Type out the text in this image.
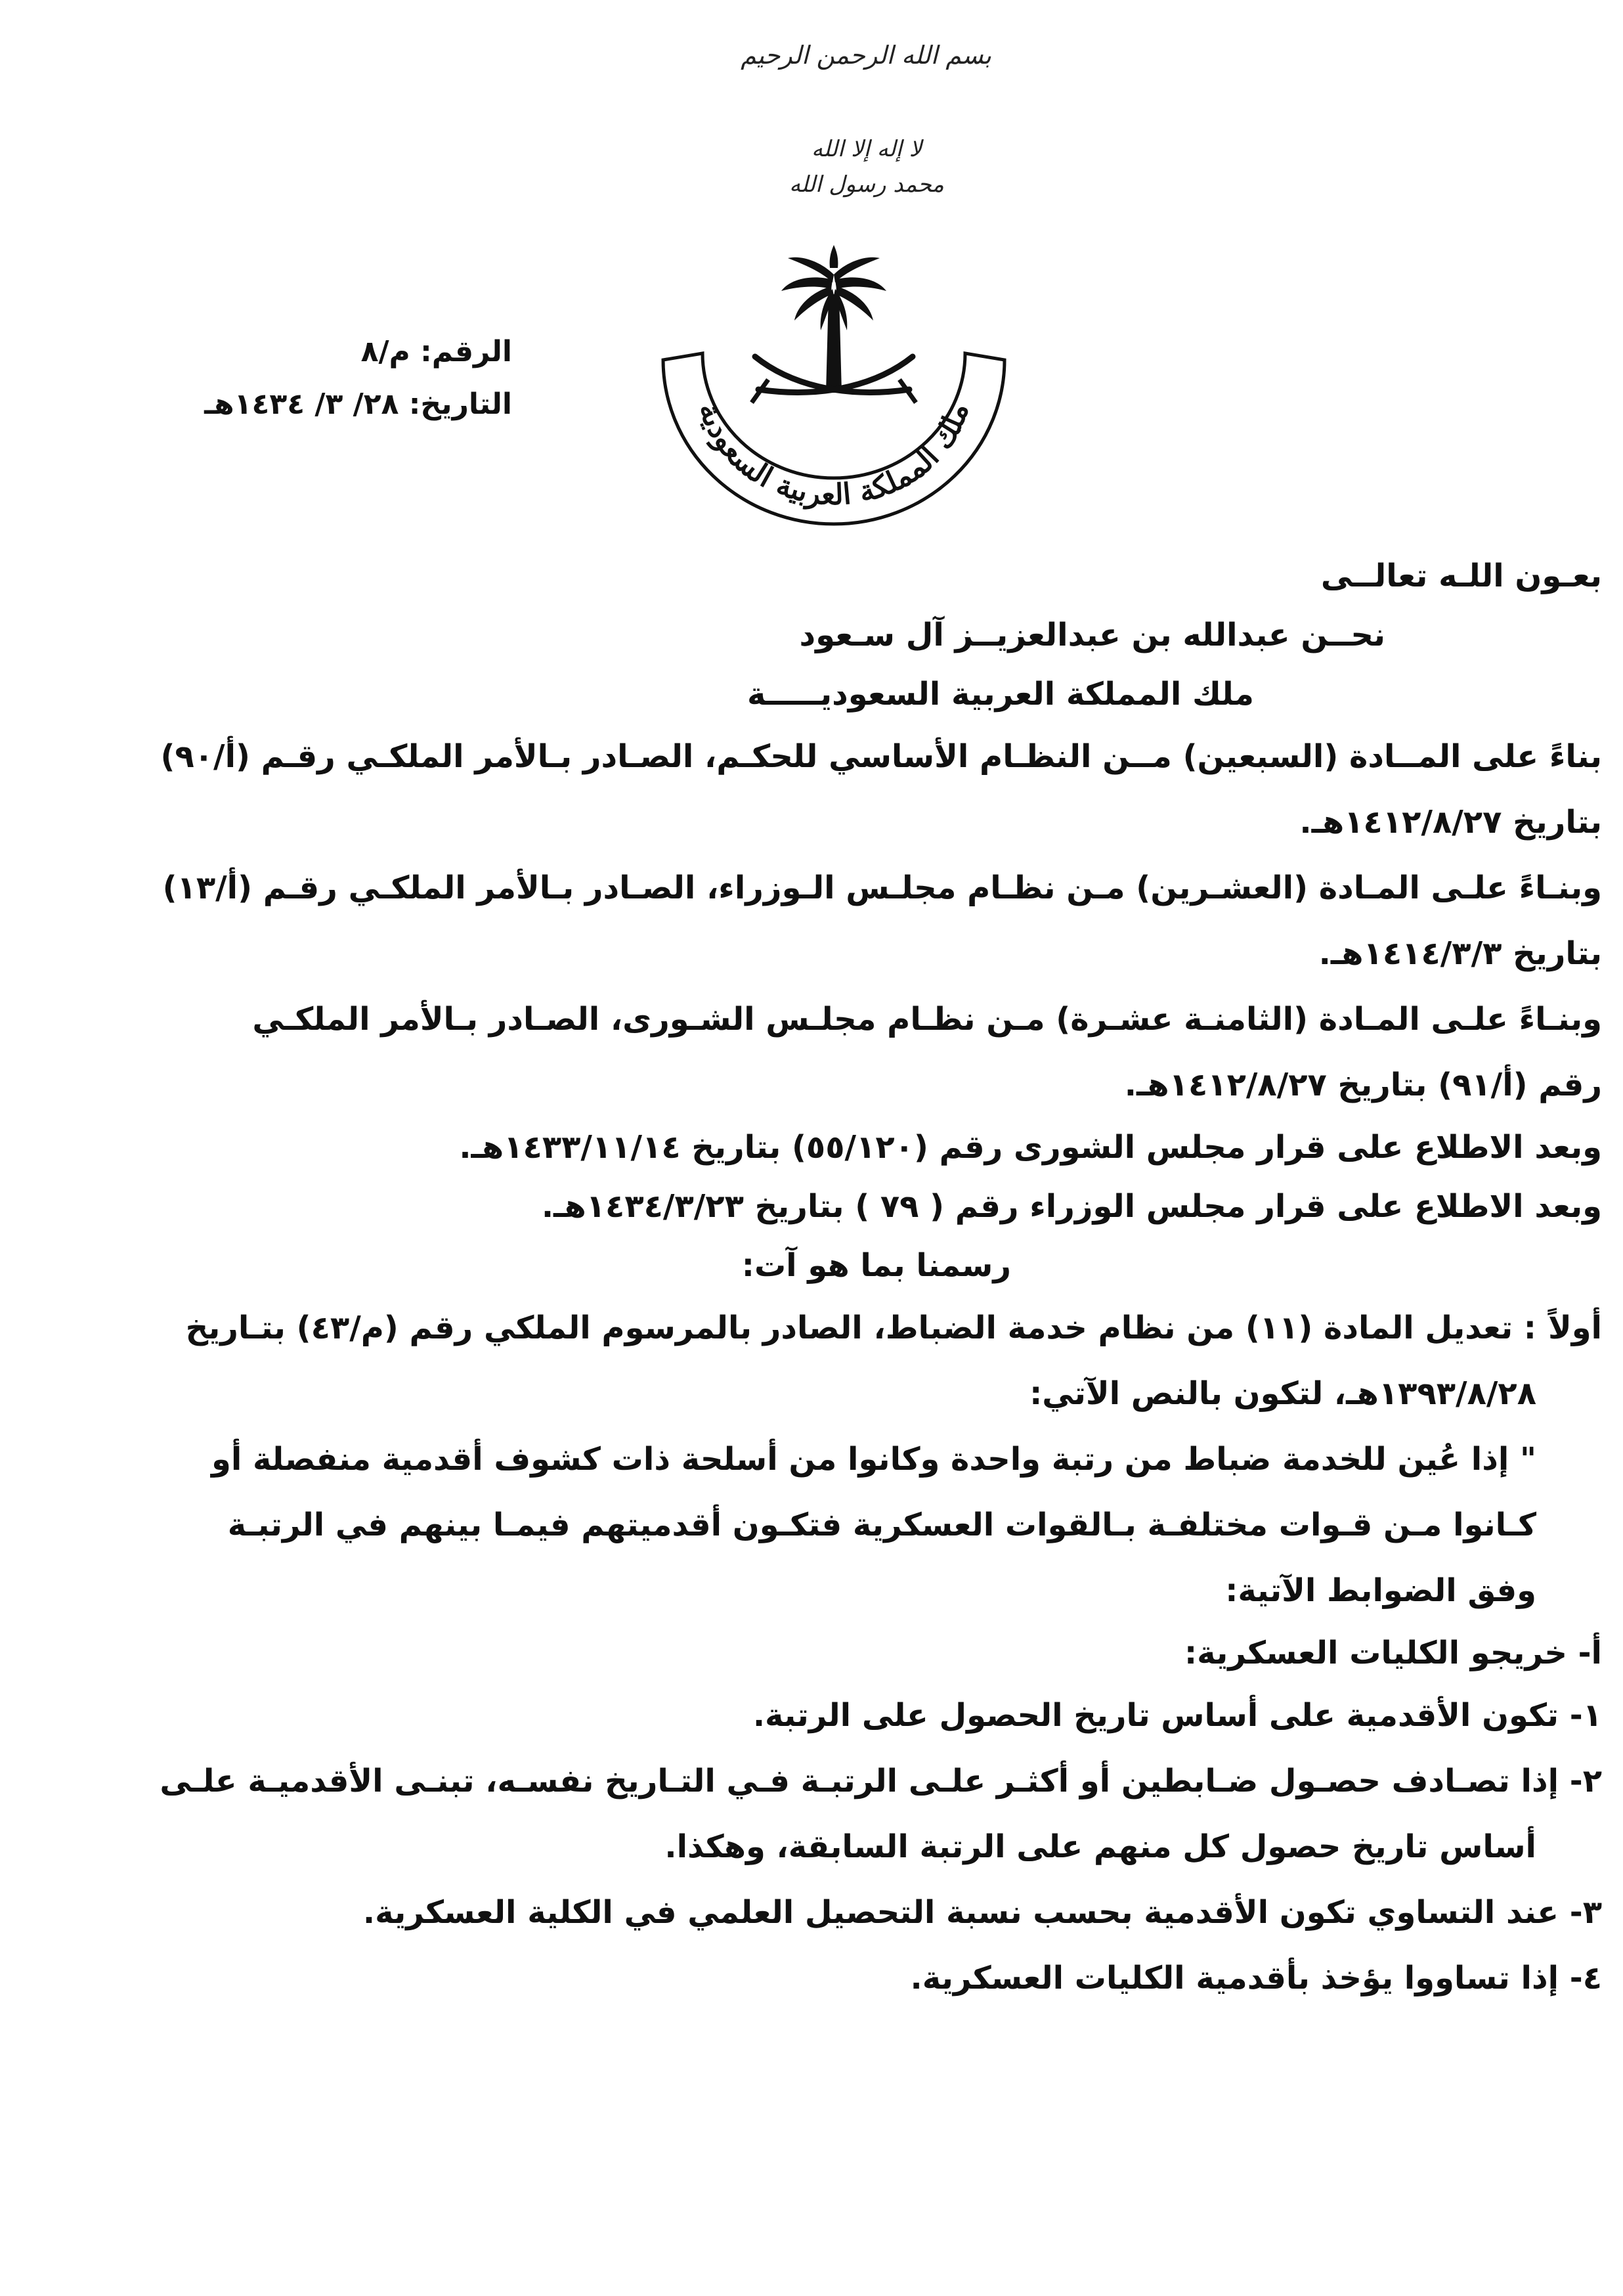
بسم الله الرحمن الرحيم
لا إله إلا الله
محمد رسول الله
ملك المملكة العربية السعودية
الرقم: م/٨
التاريخ: ٢٨/ ٣/ ١٤٣٤هـ
بعـون اللـه تعالــى
نحــن عبدالله بن عبدالعزيــز آل سـعود
ملك المملكة العربية السعوديـــــة
بناءً على المــادة (السبعين) مــن النظـام الأساسي للحكـم، الصـادر بـالأمر الملكـي رقـم (أ/٩٠)
بتاريخ ١٤١٢/٨/٢٧هـ.
وبنـاءً علـى المـادة (العشـرين) مـن نظـام مجلـس الـوزراء، الصـادر بـالأمر الملكـي رقـم (أ/١٣)
بتاريخ ١٤١٤/٣/٣هـ.
وبنـاءً علـى المـادة (الثامنـة عشـرة) مـن نظـام مجلـس الشـورى، الصـادر بـالأمر الملكـي
رقم (أ/٩١) بتاريخ ١٤١٢/٨/٢٧هـ.
وبعد الاطلاع على قرار مجلس الشورى رقم (٥٥/١٢٠) بتاريخ ١٤٣٣/١١/١٤هـ.
وبعد الاطلاع على قرار مجلس الوزراء رقم ( ٧٩ ) بتاريخ ١٤٣٤/٣/٢٣هـ.
رسمنا بما هو آت:
أولاً: تعديل المادة (١١) من نظام خدمة الضباط، الصادر بالمرسوم الملكي رقم (م/٤٣) بتـاريخ
١٣٩٣/٨/٢٨هـ، لتكون بالنص الآتي:
" إذا عُين للخدمة ضباط من رتبة واحدة وكانوا من أسلحة ذات كشوف أقدمية منفصلة أو
كـانوا مـن قـوات مختلفـة بـالقوات العسكرية فتكـون أقدميتهم فيمـا بينهم في الرتبـة
وفق الضوابط الآتية:
أ- خريجو الكليات العسكرية:
١- تكون الأقدمية على أساس تاريخ الحصول على الرتبة.
٢- إذا تصـادف حصـول ضـابطين أو أكثـر علـى الرتبـة فـي التـاريخ نفسـه، تبنـى الأقدميـة علـى
أساس تاريخ حصول كل منهم على الرتبة السابقة، وهكذا.
٣- عند التساوي تكون الأقدمية بحسب نسبة التحصيل العلمي في الكلية العسكرية.
٤- إذا تساووا يؤخذ بأقدمية الكليات العسكرية.
